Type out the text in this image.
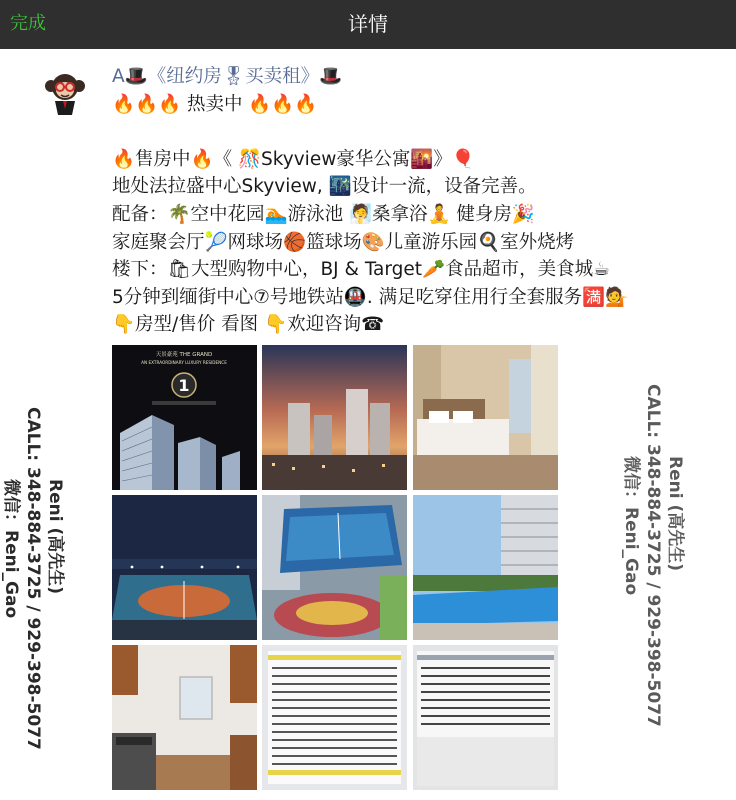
完成	详情
A🎩《纽约房🎖买卖租》🎩
🔥🔥🔥 热卖中 🔥🔥🔥
🔥售房中🔥《 🎊Skyview豪华公寓🌇》🎈
地处法拉盛中心Skyview, 🌃设计一流，设备完善。
配备：🌴空中花园🏊游泳池 🧖桑拿浴🧘 健身房🎉
家庭聚会厅🎾网球场🏀篮球场🎨儿童游乐园🍳室外烧烤
楼下：🛍大型购物中心，BJ & Target🥕食品超市，美食城☕
5分钟到缅街中心⑦号地铁站🚇. 满足吃穿住用行全套服务🈵💁
👇房型/售价 看图 👇欢迎咨询☎
Reni (高先生)
CALL: 348-884-3725 / 929-398-5077
微信：Reni_Gao	Reni (高先生)
CALL: 348-884-3725 / 929-398-5077
微信：Reni_Gao
天景豪苑 THE GRAND
AN EXTRAORDINARY LUXURY RESIDENCE
1
